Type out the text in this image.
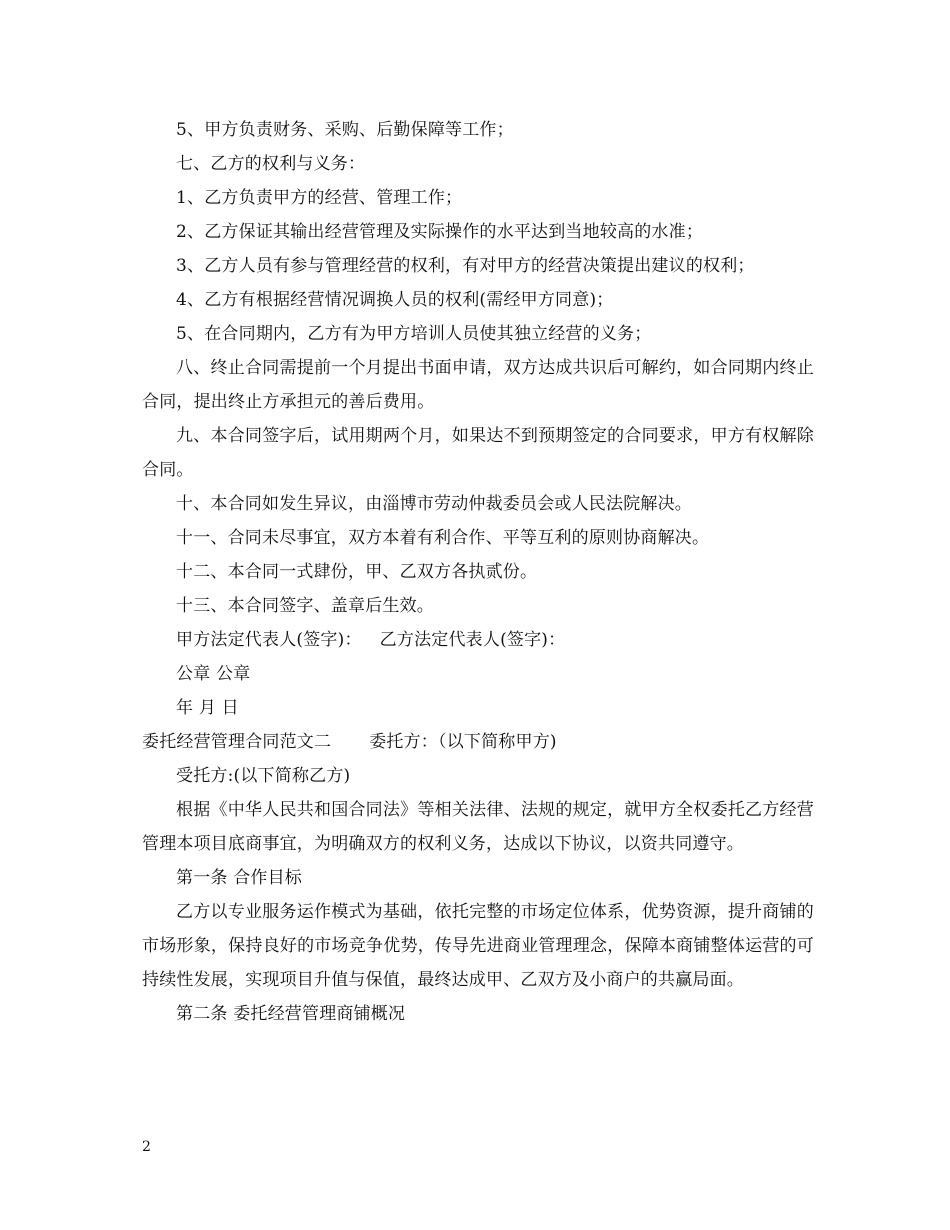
5、甲方负责财务、采购、后勤保障等工作；

七、乙方的权利与义务：

1、乙方负责甲方的经营、管理工作；

2、乙方保证其输出经营管理及实际操作的水平达到当地较高的水准；

3、乙方人员有参与管理经营的权利，有对甲方的经营决策提出建议的权利；

4、乙方有根据经营情况调换人员的权利(需经甲方同意)；

5、在合同期内，乙方有为甲方培训人员使其独立经营的义务；

八、终止合同需提前一个月提出书面申请，双方达成共识后可解约，如合同期内终止合同，提出终止方承担元的善后费用。

九、本合同签字后，试用期两个月，如果达不到预期签定的合同要求，甲方有权解除合同。

十、本合同如发生异议，由淄博市劳动仲裁委员会或人民法院解决。

十一、合同未尽事宜，双方本着有利合作、平等互利的原则协商解决。

十二、本合同一式肆份，甲、乙双方各执贰份。

十三、本合同签字、盖章后生效。

甲方法定代表人(签字)： 乙方法定代表人(签字)：

公章 公章

年 月 日

委托经营管理合同范文二 委托方：（以下简称甲方)

受托方:(以下简称乙方)

根据《中华人民共和国合同法》等相关法律、法规的规定，就甲方全权委托乙方经营管理本项目底商事宜，为明确双方的权利义务，达成以下协议，以资共同遵守。

第一条 合作目标

乙方以专业服务运作模式为基础，依托完整的市场定位体系，优势资源，提升商铺的市场形象，保持良好的市场竞争优势，传导先进商业管理理念，保障本商铺整体运营的可持续性发展，实现项目升值与保值，最终达成甲、乙双方及小商户的共赢局面。

第二条 委托经营管理商铺概况

2
